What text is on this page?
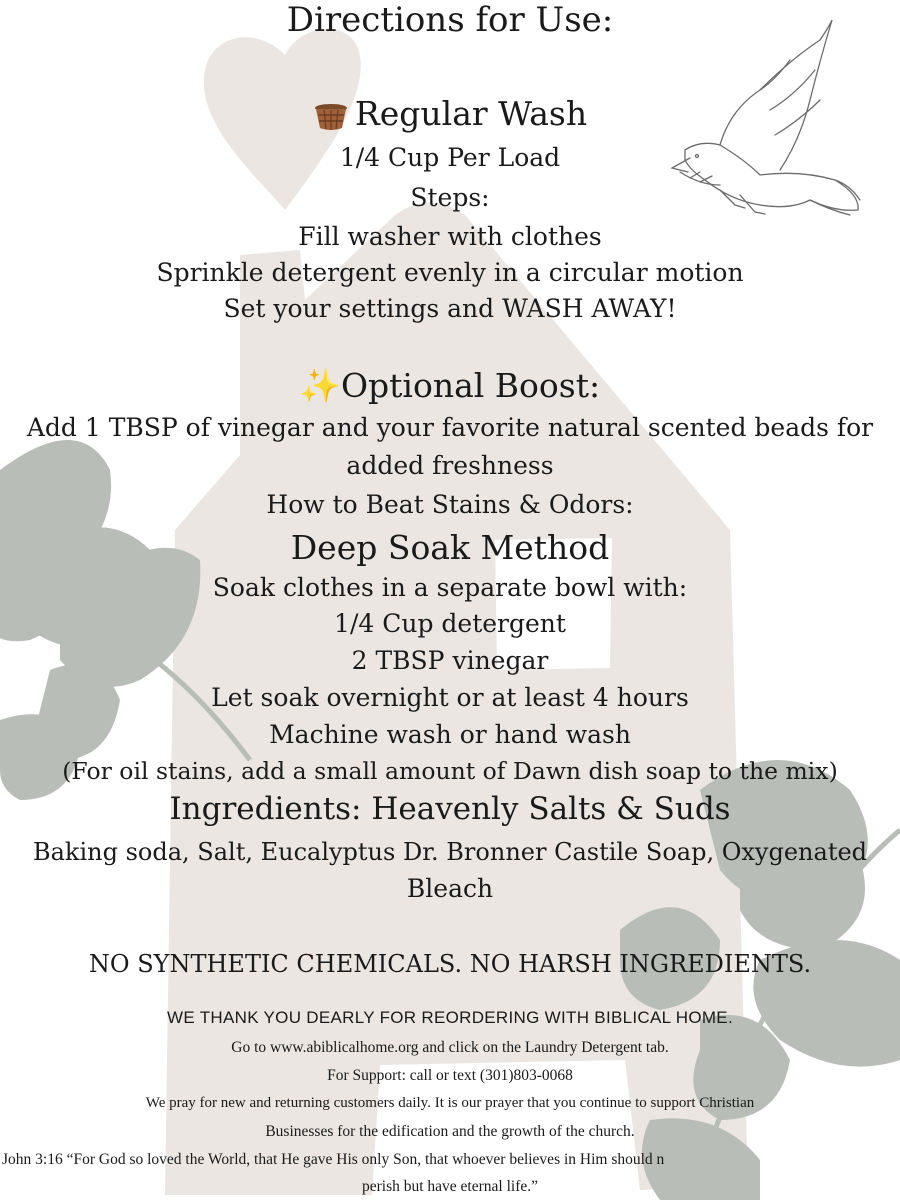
Directions for Use:

Regular Wash

1/4 Cup Per Load

Steps:

Fill washer with clothes

Sprinkle detergent evenly in a circular motion

Set your settings and WASH AWAY!

✨Optional Boost:

Add 1 TBSP of vinegar and your favorite natural scented beads for

added freshness

How to Beat Stains & Odors:

Deep Soak Method

Soak clothes in a separate bowl with:

1/4 Cup detergent

2 TBSP vinegar

Let soak overnight or at least 4 hours

Machine wash or hand wash

(For oil stains, add a small amount of Dawn dish soap to the mix)

Ingredients: Heavenly Salts & Suds

Baking soda, Salt, Eucalyptus Dr. Bronner Castile Soap, Oxygenated

Bleach

NO SYNTHETIC CHEMICALS. NO HARSH INGREDIENTS.

WE THANK YOU DEARLY FOR REORDERING WITH BIBLICAL HOME.

Go to www.abiblicalhome.org and click on the Laundry Detergent tab.

For Support: call or text (301)803-0068

We pray for new and returning customers daily. It is our prayer that you continue to support Christian

Businesses for the edification and the growth of the church.

John 3:16 “For God so loved the World, that He gave His only Son, that whoever believes in Him should n

perish but have eternal life.”
